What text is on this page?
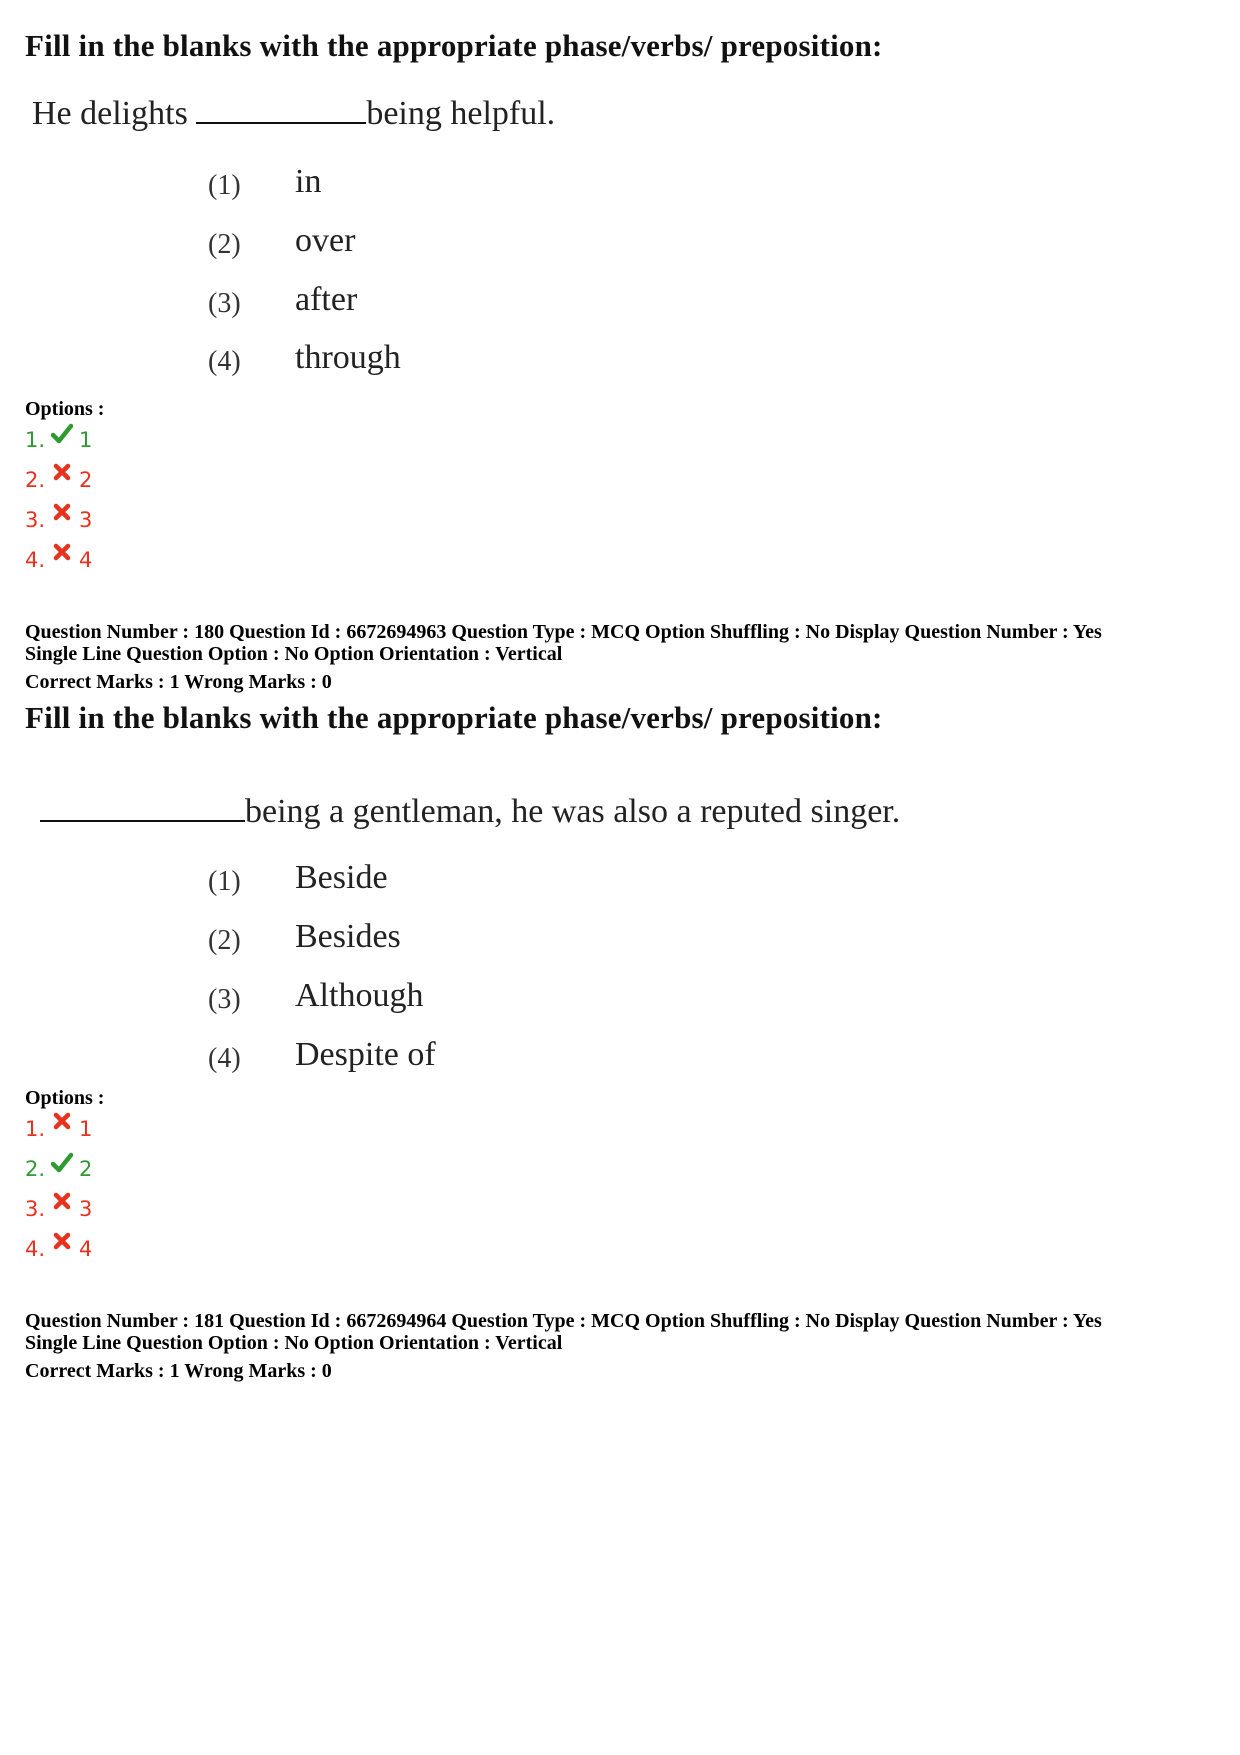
Fill in the blanks with the appropriate phase/verbs/ preposition:
He delights	being helpful.
(1) in
(2) over
(3) after
(4) through
Options :
1. 1
2. 2
3. 3
4. 4
Question Number : 180 Question Id : 6672694963 Question Type : MCQ Option Shuffling : No Display Question Number : Yes
Single Line Question Option : No Option Orientation : Vertical
Correct Marks : 1 Wrong Marks : 0
Fill in the blanks with the appropriate phase/verbs/ preposition:
being a gentleman, he was also a reputed singer.
(1) Beside
(2) Besides
(3) Although
(4) Despite of
Options :
1. 1
2. 2
3. 3
4. 4
Question Number : 181 Question Id : 6672694964 Question Type : MCQ Option Shuffling : No Display Question Number : Yes
Single Line Question Option : No Option Orientation : Vertical
Correct Marks : 1 Wrong Marks : 0
